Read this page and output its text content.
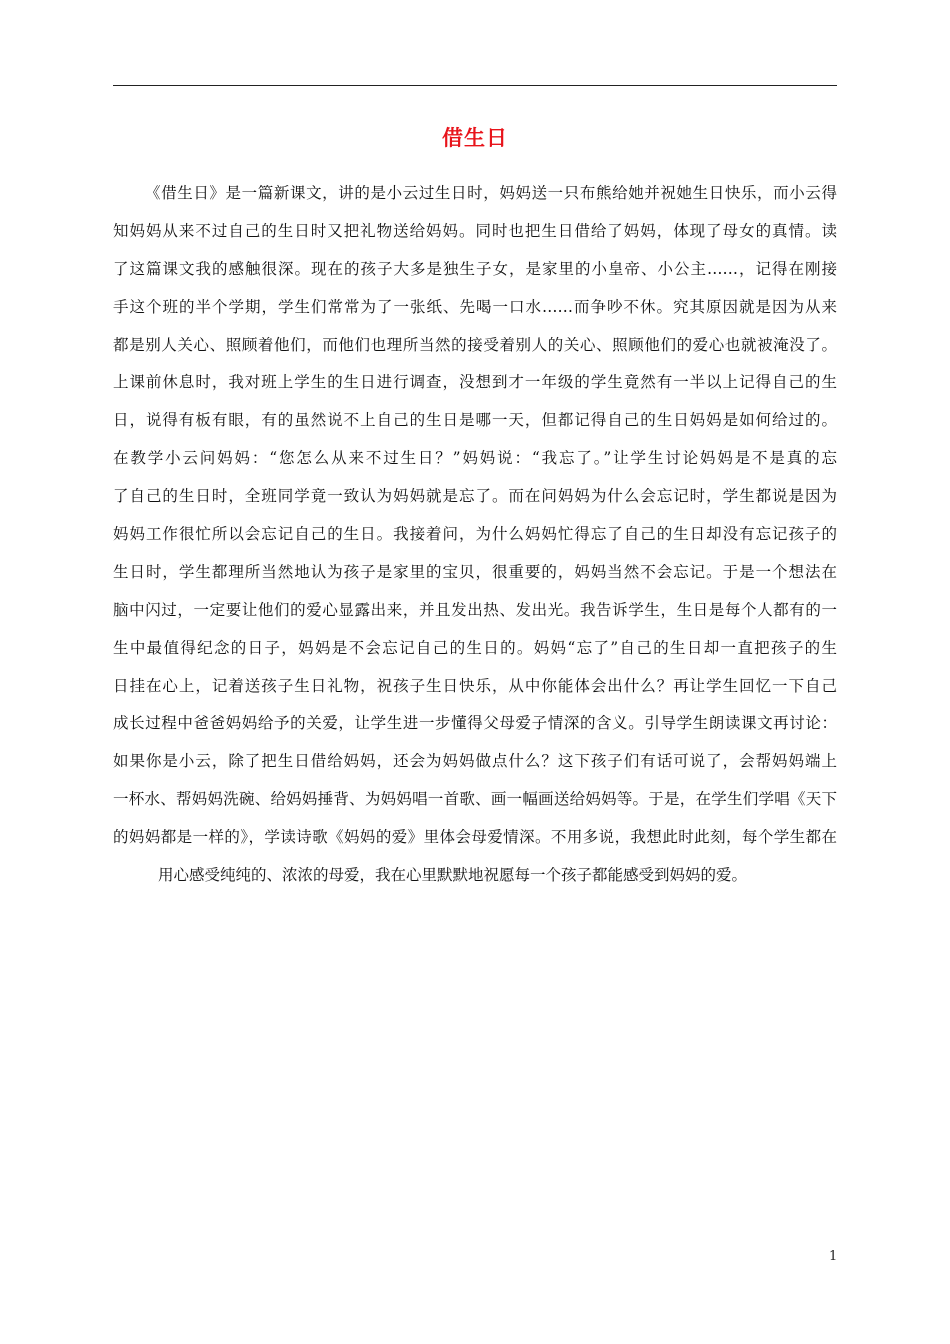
借生日
《借生日》是一篇新课文，讲的是小云过生日时，妈妈送一只布熊给她并祝她生日快乐，而小云得
知妈妈从来不过自己的生日时又把礼物送给妈妈。同时也把生日借给了妈妈，体现了母女的真情。读
了这篇课文我的感触很深。现在的孩子大多是独生子女，是家里的小皇帝、小公主……，记得在刚接
手这个班的半个学期，学生们常常为了一张纸、先喝一口水……而争吵不休。究其原因就是因为从来
都是别人关心、照顾着他们，而他们也理所当然的接受着别人的关心、照顾他们的爱心也就被淹没了。
上课前休息时，我对班上学生的生日进行调查，没想到才一年级的学生竟然有一半以上记得自己的生
日，说得有板有眼，有的虽然说不上自己的生日是哪一天，但都记得自己的生日妈妈是如何给过的。
在教学小云问妈妈：“您怎么从来不过生日？”妈妈说：“我忘了。”让学生讨论妈妈是不是真的忘
了自己的生日时，全班同学竟一致认为妈妈就是忘了。而在问妈妈为什么会忘记时，学生都说是因为
妈妈工作很忙所以会忘记自己的生日。我接着问，为什么妈妈忙得忘了自己的生日却没有忘记孩子的
生日时，学生都理所当然地认为孩子是家里的宝贝，很重要的，妈妈当然不会忘记。于是一个想法在
脑中闪过，一定要让他们的爱心显露出来，并且发出热、发出光。我告诉学生，生日是每个人都有的一
生中最值得纪念的日子，妈妈是不会忘记自己的生日的。妈妈“忘了”自己的生日却一直把孩子的生
日挂在心上，记着送孩子生日礼物，祝孩子生日快乐，从中你能体会出什么？再让学生回忆一下自己
成长过程中爸爸妈妈给予的关爱，让学生进一步懂得父母爱子情深的含义。引导学生朗读课文再讨论：
如果你是小云，除了把生日借给妈妈，还会为妈妈做点什么？这下孩子们有话可说了，会帮妈妈端上
一杯水、帮妈妈洗碗、给妈妈捶背、为妈妈唱一首歌、画一幅画送给妈妈等。于是，在学生们学唱《天下
的妈妈都是一样的》，学读诗歌《妈妈的爱》里体会母爱情深。不用多说，我想此时此刻，每个学生都在
用心感受纯纯的、浓浓的母爱，我在心里默默地祝愿每一个孩子都能感受到妈妈的爱。
1
